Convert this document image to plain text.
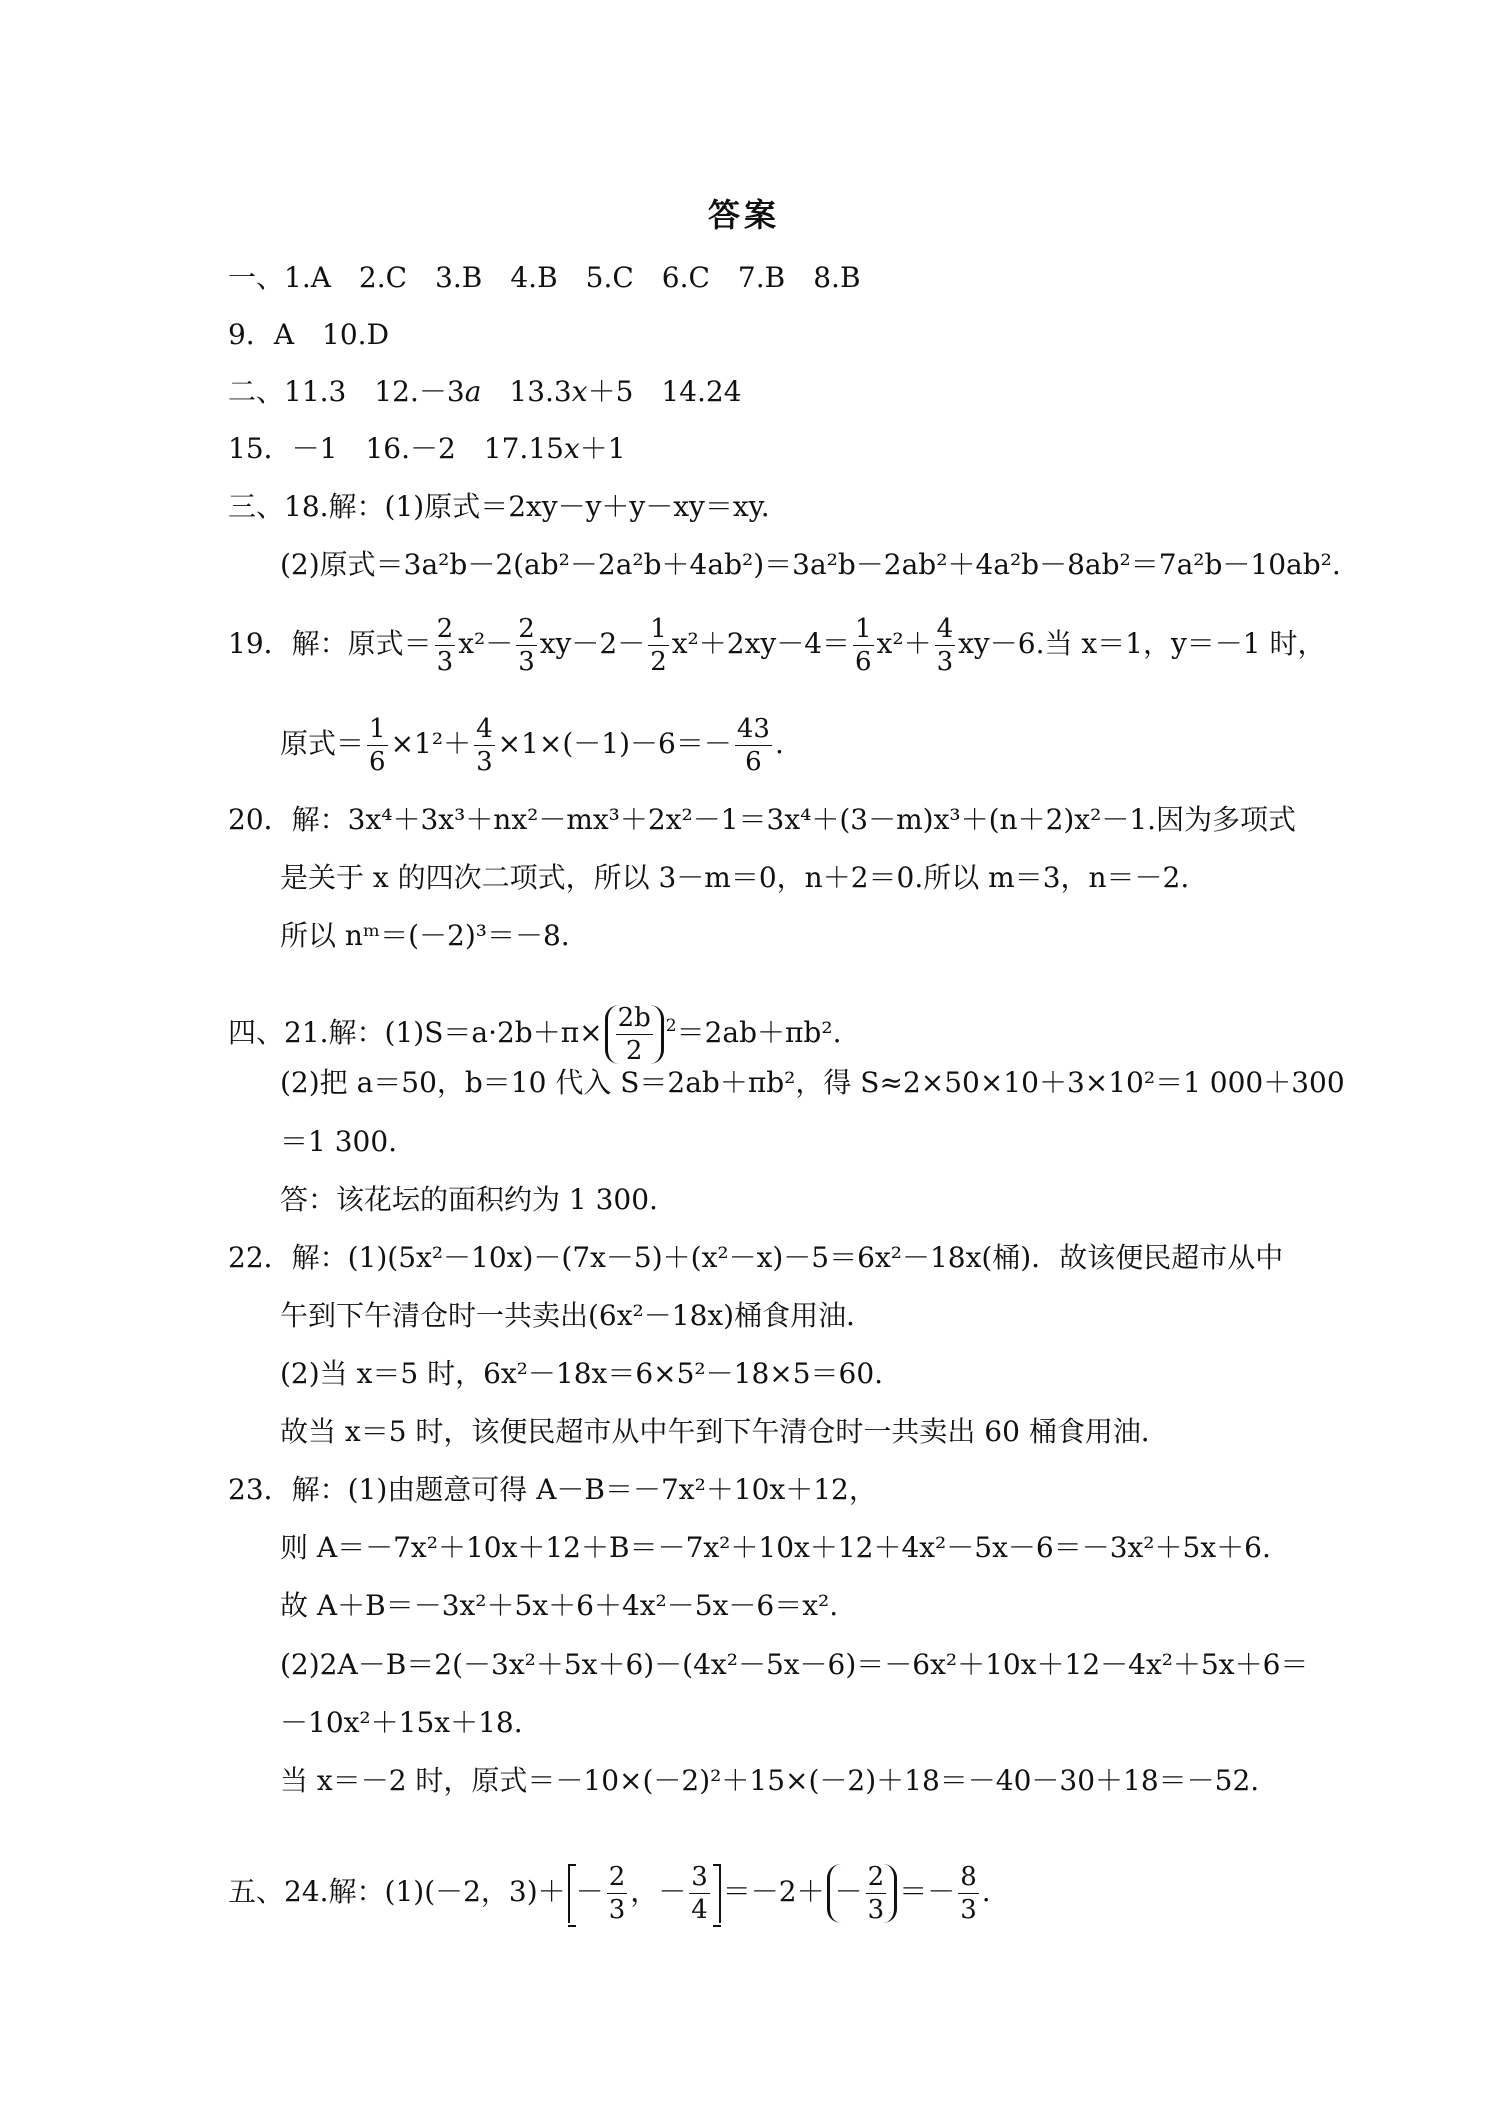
答案
一、1.A　2.C　3.B　4.B　5.C　6.C　7.B　8.B
9．A　10.D
二、11.3　12.－3a　13.3x＋5　14.24
15．－1　16.－2　17.15x＋1
三、18.解：(1)原式＝2xy－y＋y－xy＝xy.
(2)原式＝3a²b－2(ab²－2a²b＋4ab²)＝3a²b－2ab²＋4a²b－8ab²＝7a²b－10ab².
19．解：原式＝ $\frac{2}{3} x^2- \frac{2}{3} xy-2- \frac{1}{2} x^2+2xy-4= \frac{1}{6} x^2+ \frac{4}{3} xy-6$.当 x＝1，y＝－1 时，
原式＝ $\frac{1}{6} \times 1^2+ \frac{4}{3} \times 1\times(-1)-6=- \frac{43}{6}$ .
20．解：3x⁴＋3x³＋nx²－mx³＋2x²－1＝3x⁴＋(3－m)x³＋(n＋2)x²－1.因为多项式
是关于 x 的四次二项式，所以 3－m＝0，n＋2＝0.所以 m＝3，n＝－2.
所以 nᵐ＝(－2)³＝－8.
四、21.解：$(1)S=a\cdot 2b+\pi\times \frac{2b}{2} ^2=2ab+\pi b^2$.
(2)把 a＝50，b＝10 代入 S＝2ab＋πb²，得 S≈2×50×10＋3×10²＝1 000＋300
＝1 300.
答：该花坛的面积约为 1 300.
22．解：(1)(5x²－10x)－(7x－5)＋(x²－x)－5＝6x²－18x(桶)．故该便民超市从中
午到下午清仓时一共卖出(6x²－18x)桶食用油．
(2)当 x＝5 时，6x²－18x＝6×5²－18×5＝60.
故当 x＝5 时，该便民超市从中午到下午清仓时一共卖出 60 桶食用油．
23．解：(1)由题意可得 A－B＝－7x²＋10x＋12，
则 A＝－7x²＋10x＋12＋B＝－7x²＋10x＋12＋4x²－5x－6＝－3x²＋5x＋6.
故 A＋B＝－3x²＋5x＋6＋4x²－5x－6＝x².
(2)2A－B＝2(－3x²＋5x＋6)－(4x²－5x－6)＝－6x²＋10x＋12－4x²＋5x＋6＝
－10x²＋15x＋18.
当 x＝－2 时，原式＝－10×(－2)²＋15×(－2)＋18＝－40－30＋18＝－52.
五、24.解：(1)(－2，$3)+ - \frac{2}{3}$ ，－ $\frac{3}{4} =-2+ - \frac{2}{3} =- \frac{8}{3}$ .
